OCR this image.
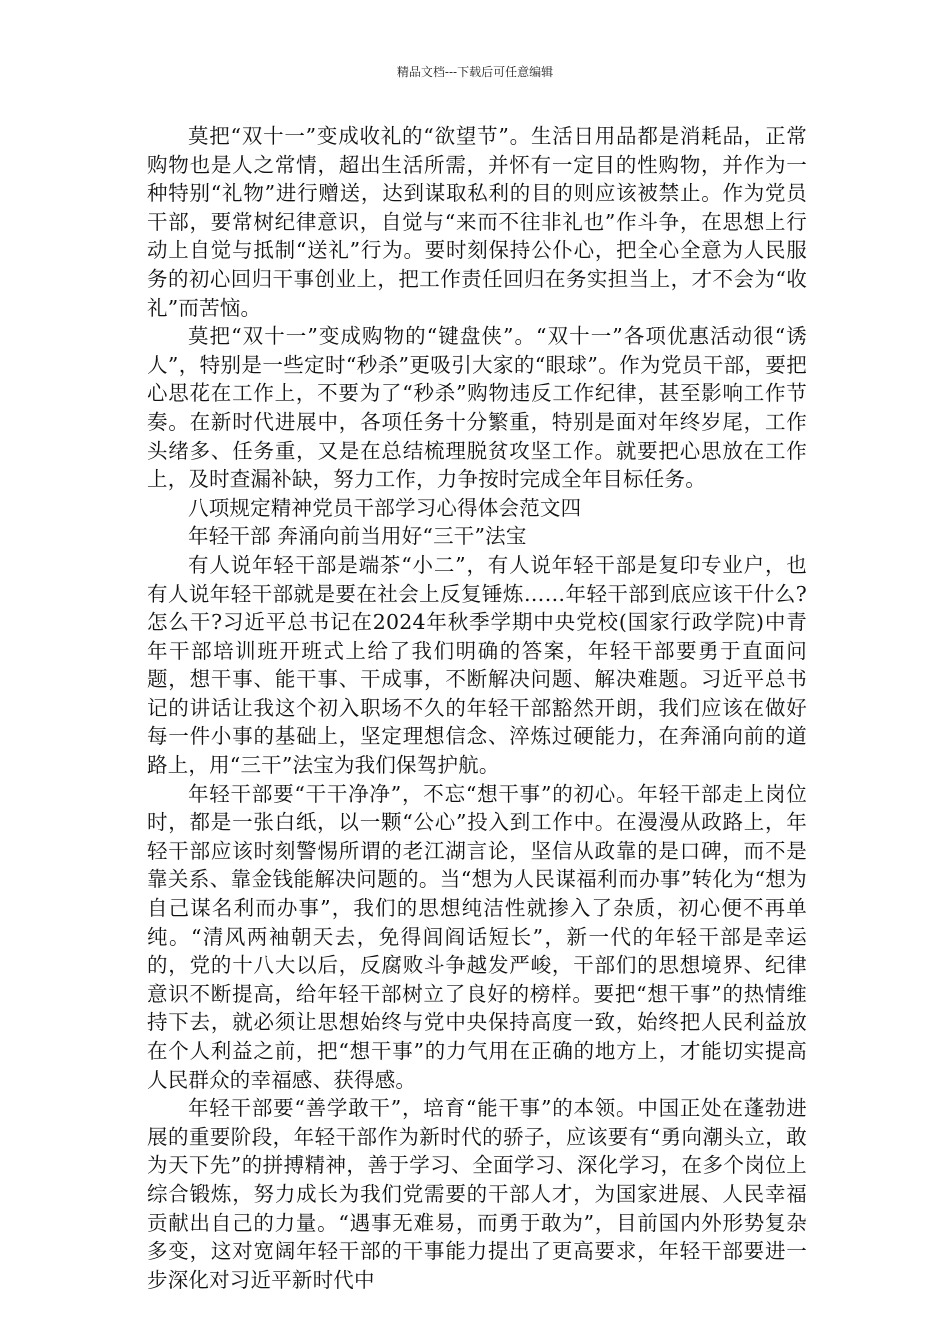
精品文档---下载后可任意编辑

莫把“双十一”变成收礼的“欲望节”。生活日用品都是消耗品，正常购物也是人之常情，超出生活所需，并怀有一定目的性购物，并作为一种特别“礼物”进行赠送，达到谋取私利的目的则应该被禁止。作为党员干部，要常树纪律意识，自觉与“来而不往非礼也”作斗争，在思想上行动上自觉与抵制“送礼”行为。要时刻保持公仆心，把全心全意为人民服务的初心回归干事创业上，把工作责任回归在务实担当上，才不会为“收礼”而苦恼。

莫把“双十一”变成购物的“键盘侠”。“双十一”各项优惠活动很“诱人”，特别是一些定时“秒杀”更吸引大家的“眼球”。作为党员干部，要把心思花在工作上，不要为了“秒杀”购物违反工作纪律，甚至影响工作节奏。在新时代进展中，各项任务十分繁重，特别是面对年终岁尾，工作头绪多、任务重，又是在总结梳理脱贫攻坚工作。就要把心思放在工作上，及时查漏补缺，努力工作，力争按时完成全年目标任务。

八项规定精神党员干部学习心得体会范文四

年轻干部 奔涌向前当用好“三干”法宝

有人说年轻干部是端茶“小二”，有人说年轻干部是复印专业户，也有人说年轻干部就是要在社会上反复锤炼……年轻干部到底应该干什么?怎么干?习近平总书记在2024年秋季学期中央党校(国家行政学院)中青年干部培训班开班式上给了我们明确的答案，年轻干部要勇于直面问题，想干事、能干事、干成事，不断解决问题、解决难题。习近平总书记的讲话让我这个初入职场不久的年轻干部豁然开朗，我们应该在做好每一件小事的基础上，坚定理想信念、淬炼过硬能力，在奔涌向前的道路上，用“三干”法宝为我们保驾护航。

年轻干部要“干干净净”，不忘“想干事”的初心。年轻干部走上岗位时，都是一张白纸，以一颗“公心”投入到工作中。在漫漫从政路上，年轻干部应该时刻警惕所谓的老江湖言论，坚信从政靠的是口碑，而不是靠关系、靠金钱能解决问题的。当“想为人民谋福利而办事”转化为“想为自己谋名利而办事”，我们的思想纯洁性就掺入了杂质，初心便不再单纯。“清风两袖朝天去，免得闾阎话短长”，新一代的年轻干部是幸运的，党的十八大以后，反腐败斗争越发严峻，干部们的思想境界、纪律意识不断提高，给年轻干部树立了良好的榜样。要把“想干事”的热情维持下去，就必须让思想始终与党中央保持高度一致，始终把人民利益放在个人利益之前，把“想干事”的力气用在正确的地方上，才能切实提高人民群众的幸福感、获得感。

年轻干部要“善学敢干”，培育“能干事”的本领。中国正处在蓬勃进展的重要阶段，年轻干部作为新时代的骄子，应该要有“勇向潮头立，敢为天下先”的拼搏精神，善于学习、全面学习、深化学习，在多个岗位上综合锻炼，努力成长为我们党需要的干部人才，为国家进展、人民幸福贡献出自己的力量。“遇事无难易，而勇于敢为”，目前国内外形势复杂多变，这对宽阔年轻干部的干事能力提出了更高要求，年轻干部要进一步深化对习近平新时代中
